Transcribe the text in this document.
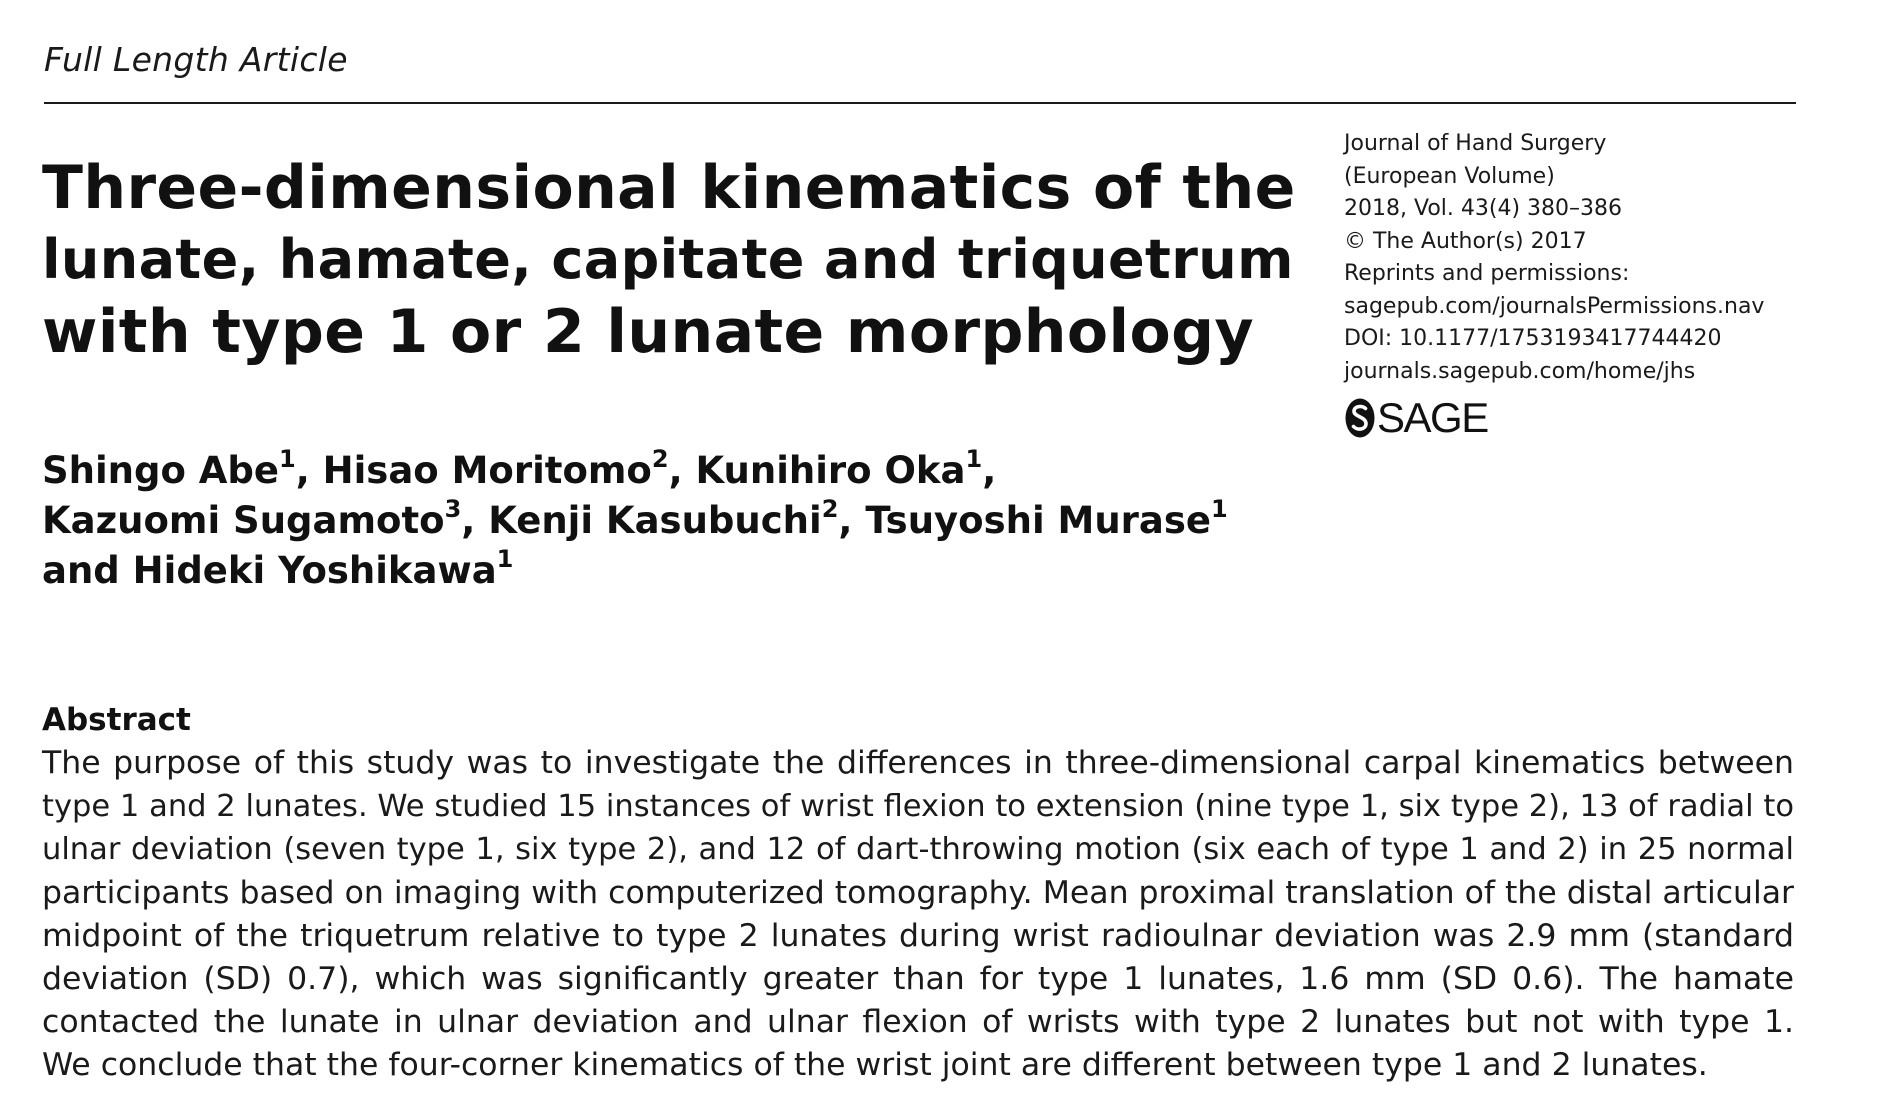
Full Length Article
Three-dimensional kinematics of the
lunate, hamate, capitate and triquetrum
with type 1 or 2 lunate morphology
Journal of Hand Surgery
(European Volume)
2018, Vol. 43(4) 380–386
© The Author(s) 2017
Reprints and permissions:
sagepub.com/journalsPermissions.nav
DOI: 10.1177/1753193417744420
journals.sagepub.com/home/jhs
SAGE
Shingo Abe$^1$, Hisao Moritomo$^2$, Kunihiro Oka$^1$,
Kazuomi Sugamoto$^3$, Kenji Kasubuchi$^2$, Tsuyoshi Murase$^1$
and Hideki Yoshikawa$^1$
Abstract
The purpose of this study was to investigate the differences in three-dimensional carpal kinematics between
type 1 and 2 lunates. We studied 15 instances of wrist flexion to extension (nine type 1, six type 2), 13 of radial to
ulnar deviation (seven type 1, six type 2), and 12 of dart-throwing motion (six each of type 1 and 2) in 25 normal
participants based on imaging with computerized tomography. Mean proximal translation of the distal articular
midpoint of the triquetrum relative to type 2 lunates during wrist radioulnar deviation was 2.9 mm (standard
deviation (SD) 0.7), which was significantly greater than for type 1 lunates, 1.6 mm (SD 0.6). The hamate
contacted the lunate in ulnar deviation and ulnar flexion of wrists with type 2 lunates but not with type 1.
We conclude that the four-corner kinematics of the wrist joint are different between type 1 and 2 lunates.
